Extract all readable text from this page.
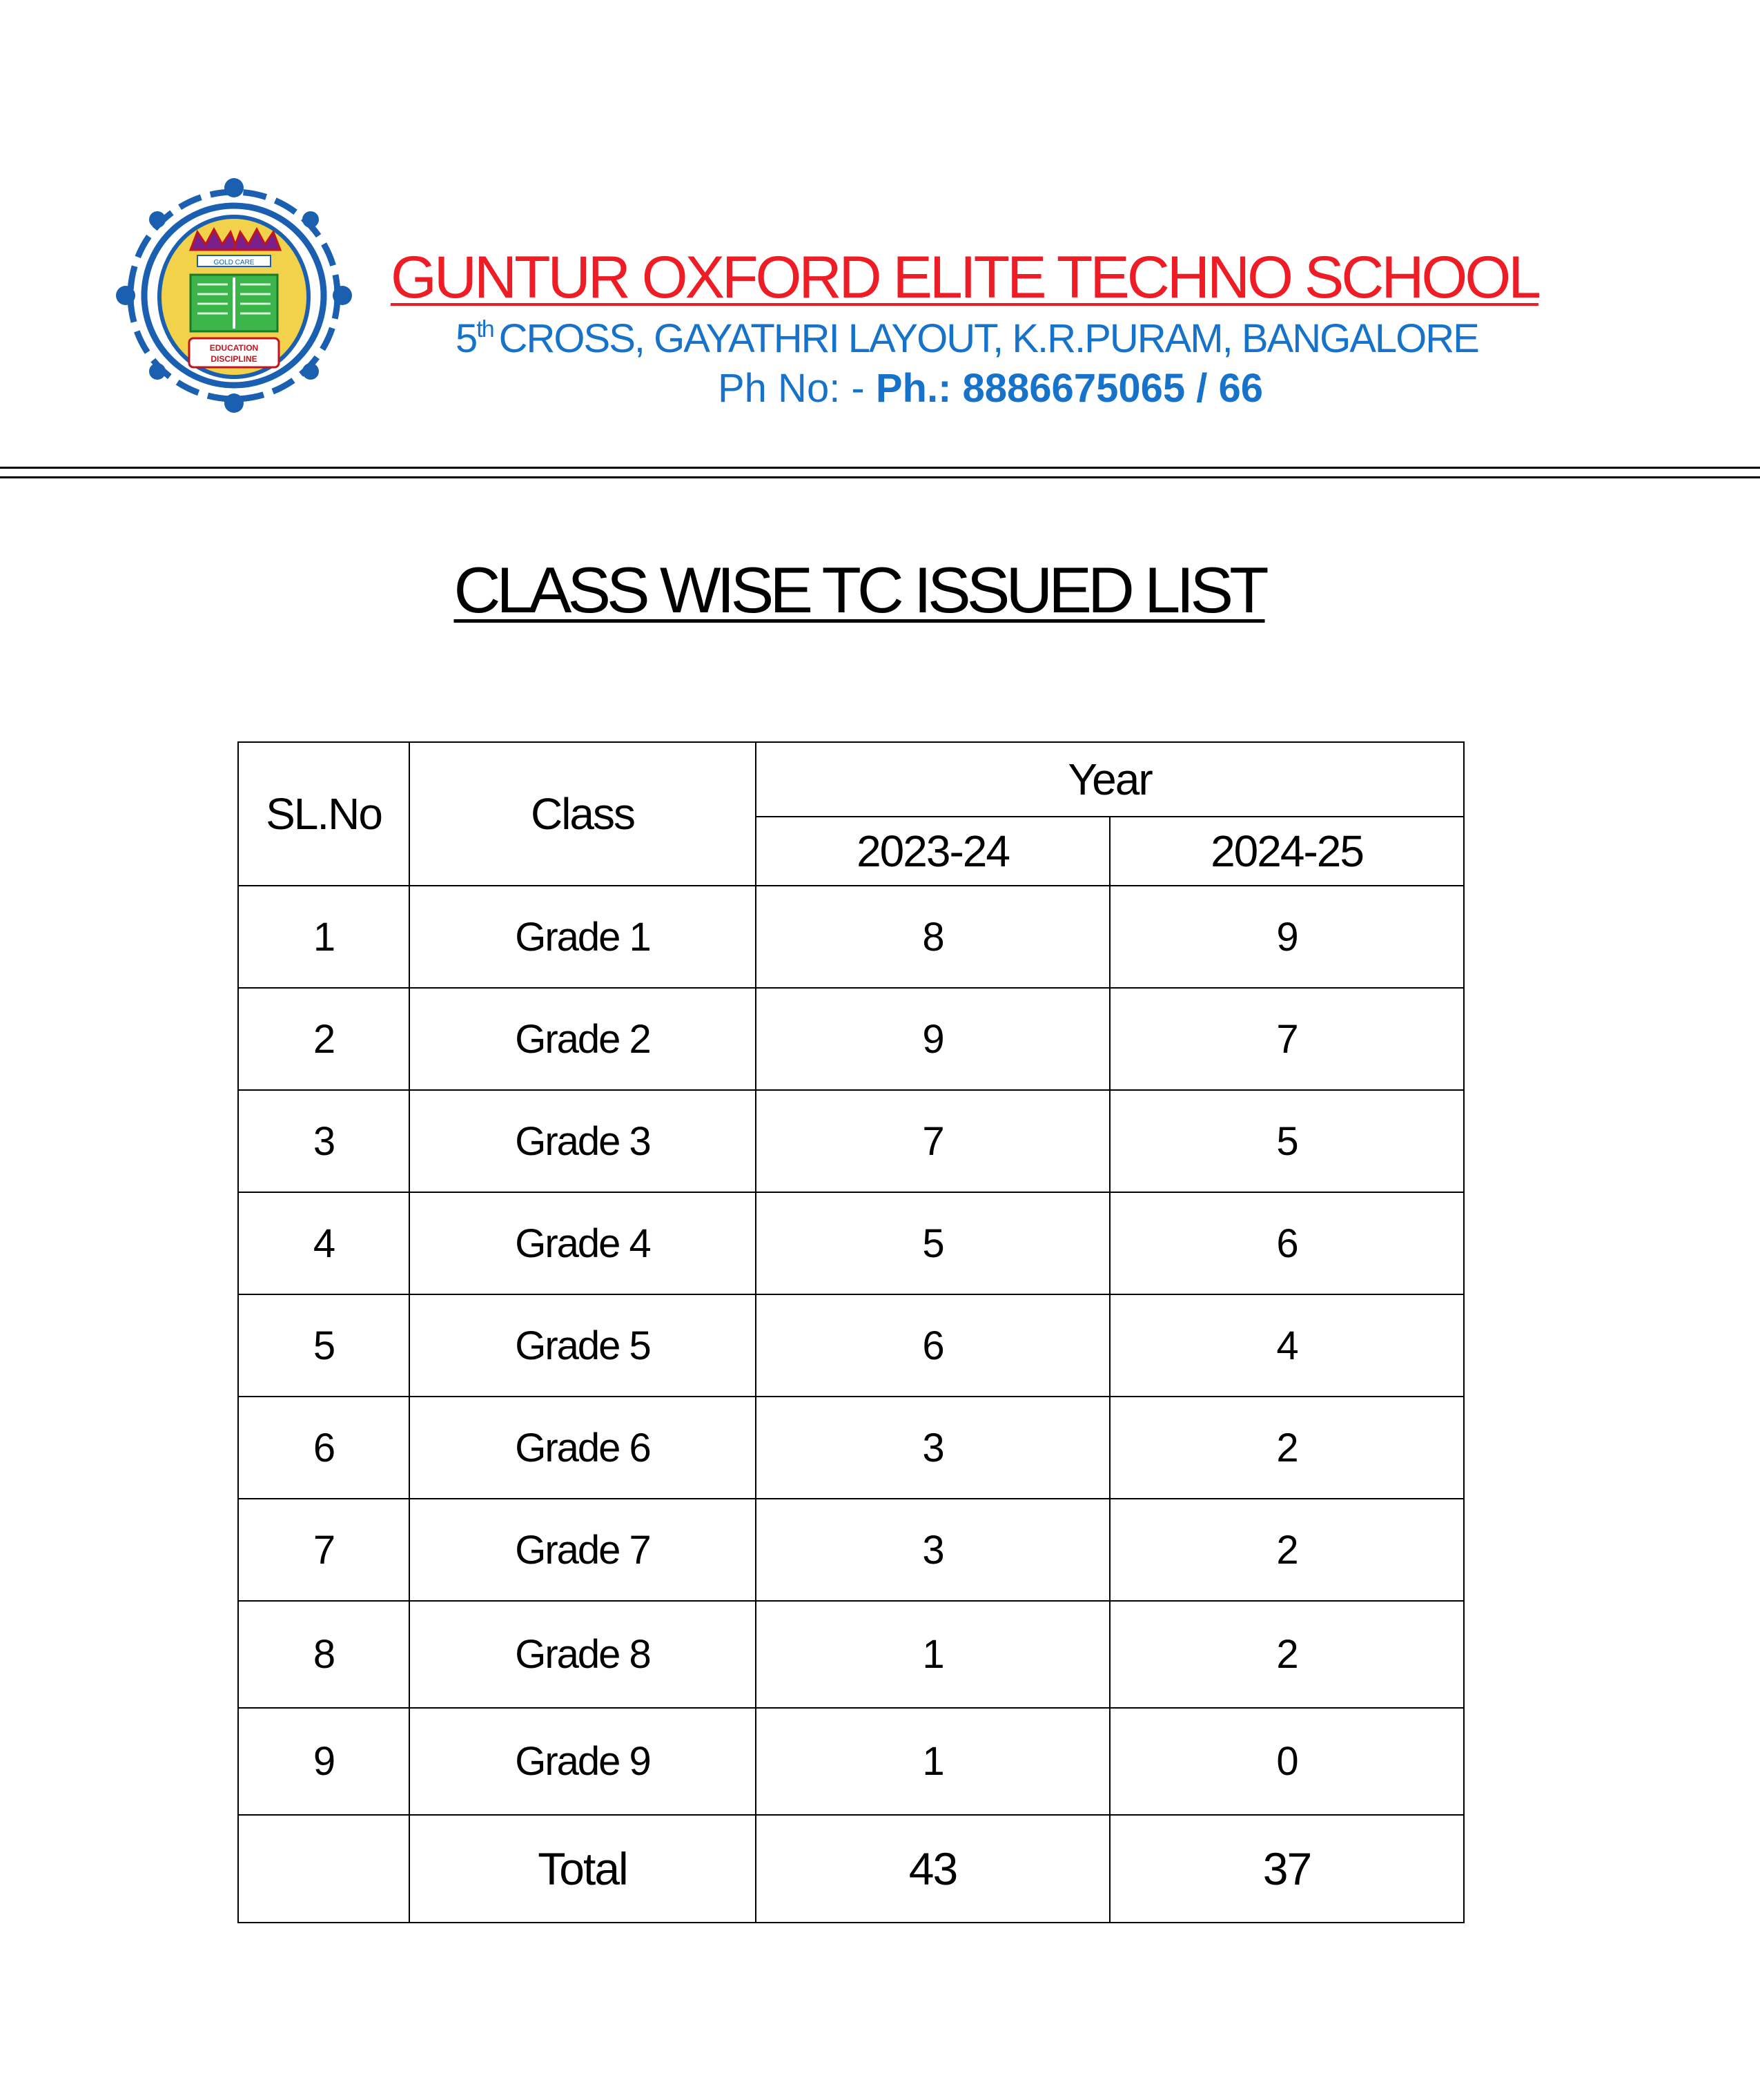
GOLD CARE
EDUCATION
DISCIPLINE
GUNTUR OXFORD ELITE TECHNO SCHOOL
5th CROSS, GAYATHRI LAYOUT, K.R.PURAM, BANGALORE
Ph No: - Ph.: 8886675065 / 66
CLASS WISE TC ISSUED LIST
SL.No	Class	Year	
		2023-24	2024-25
1	Grade 1	8	9
2	Grade 2	9	7
3	Grade 3	7	5
4	Grade 4	5	6
5	Grade 5	6	4
6	Grade 6	3	2
7	Grade 7	3	2
8	Grade 8	1	2
9	Grade 9	1	0
	Total	43	37
